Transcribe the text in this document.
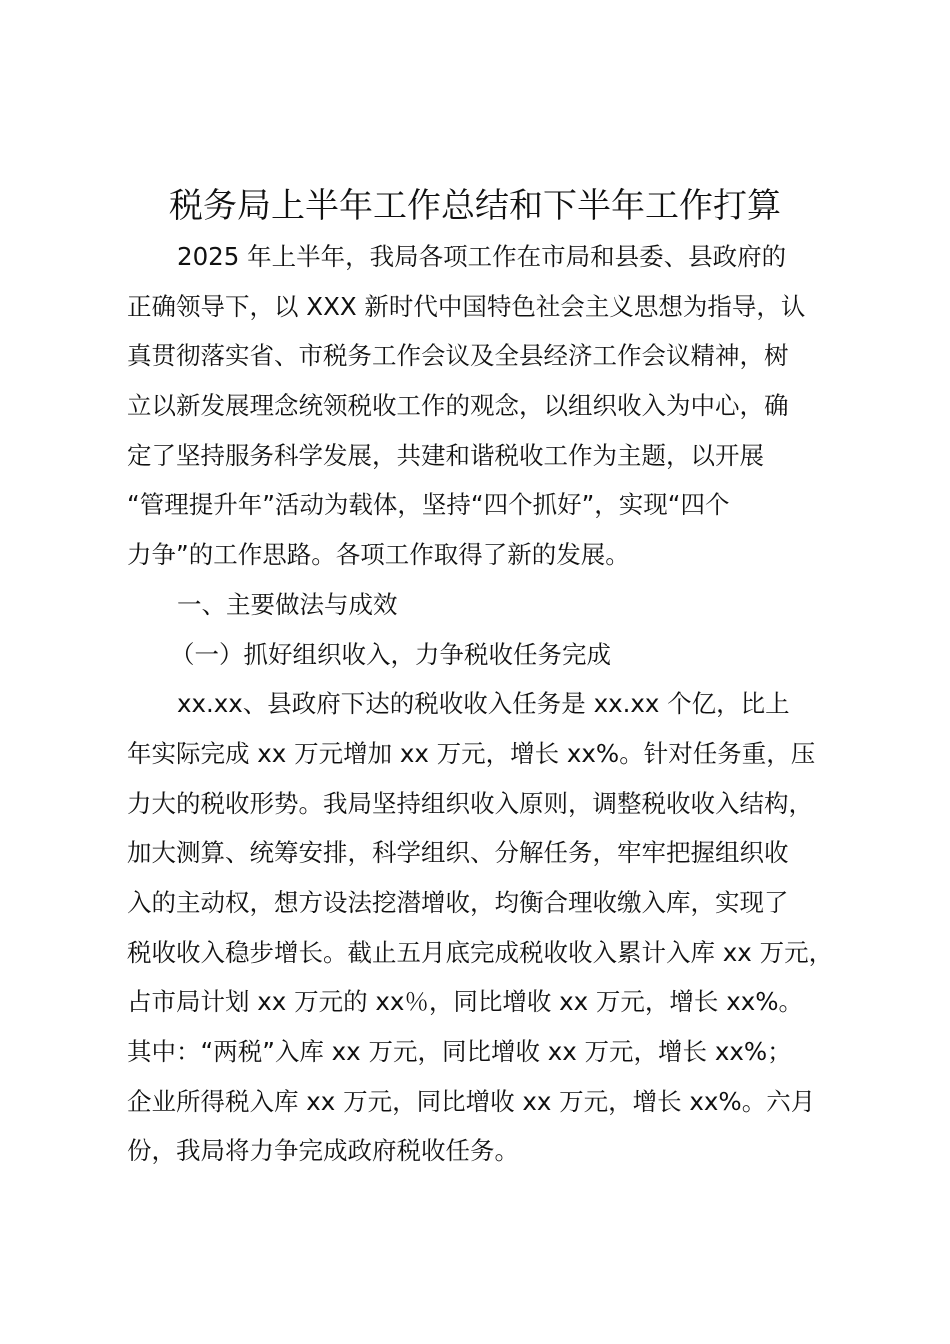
税务局上半年工作总结和下半年工作打算
2025 年上半年，我局各项工作在市局和县委、县政府的
正确领导下，以 XXX 新时代中国特色社会主义思想为指导，认
真贯彻落实省、市税务工作会议及全县经济工作会议精神，树
立以新发展理念统领税收工作的观念，以组织收入为中心，确
定了坚持服务科学发展，共建和谐税收工作为主题，以开展
“管理提升年”活动为载体，坚持“四个抓好”，实现“四个
力争”的工作思路。各项工作取得了新的发展。
一、主要做法与成效
（一）抓好组织收入，力争税收任务完成
xx.xx、县政府下达的税收收入任务是 xx.xx 个亿，比上
年实际完成 xx 万元增加 xx 万元，增长 xx%。针对任务重，压
力大的税收形势。我局坚持组织收入原则，调整税收收入结构，
加大测算、统筹安排，科学组织、分解任务，牢牢把握组织收
入的主动权，想方设法挖潜增收，均衡合理收缴入库，实现了
税收收入稳步增长。截止五月底完成税收收入累计入库 xx 万元，
占市局计划 xx 万元的 xx％，同比增收 xx 万元，增长 xx%。
其中：“两税”入库 xx 万元，同比增收 xx 万元，增长 xx%；
企业所得税入库 xx 万元，同比增收 xx 万元，增长 xx%。六月
份，我局将力争完成政府税收任务。
